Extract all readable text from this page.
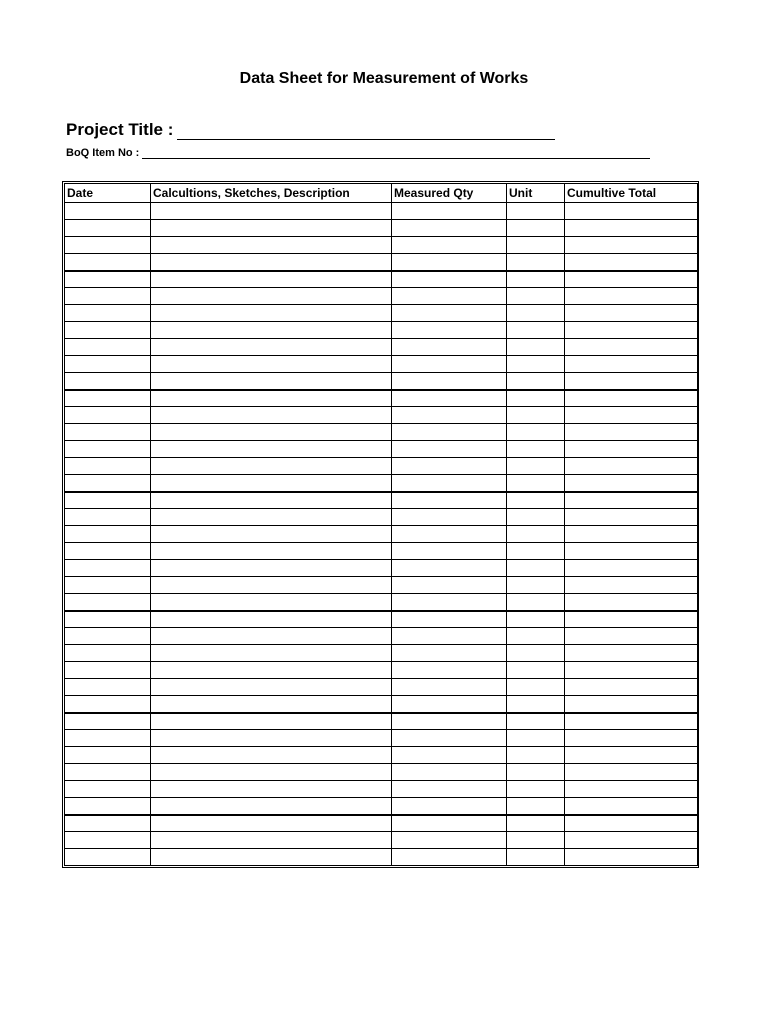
Data Sheet for Measurement of Works
Project Title :
BoQ Item No :
Date	Calcultions, Sketches, Description	Measured Qty	Unit	Cumultive Total
